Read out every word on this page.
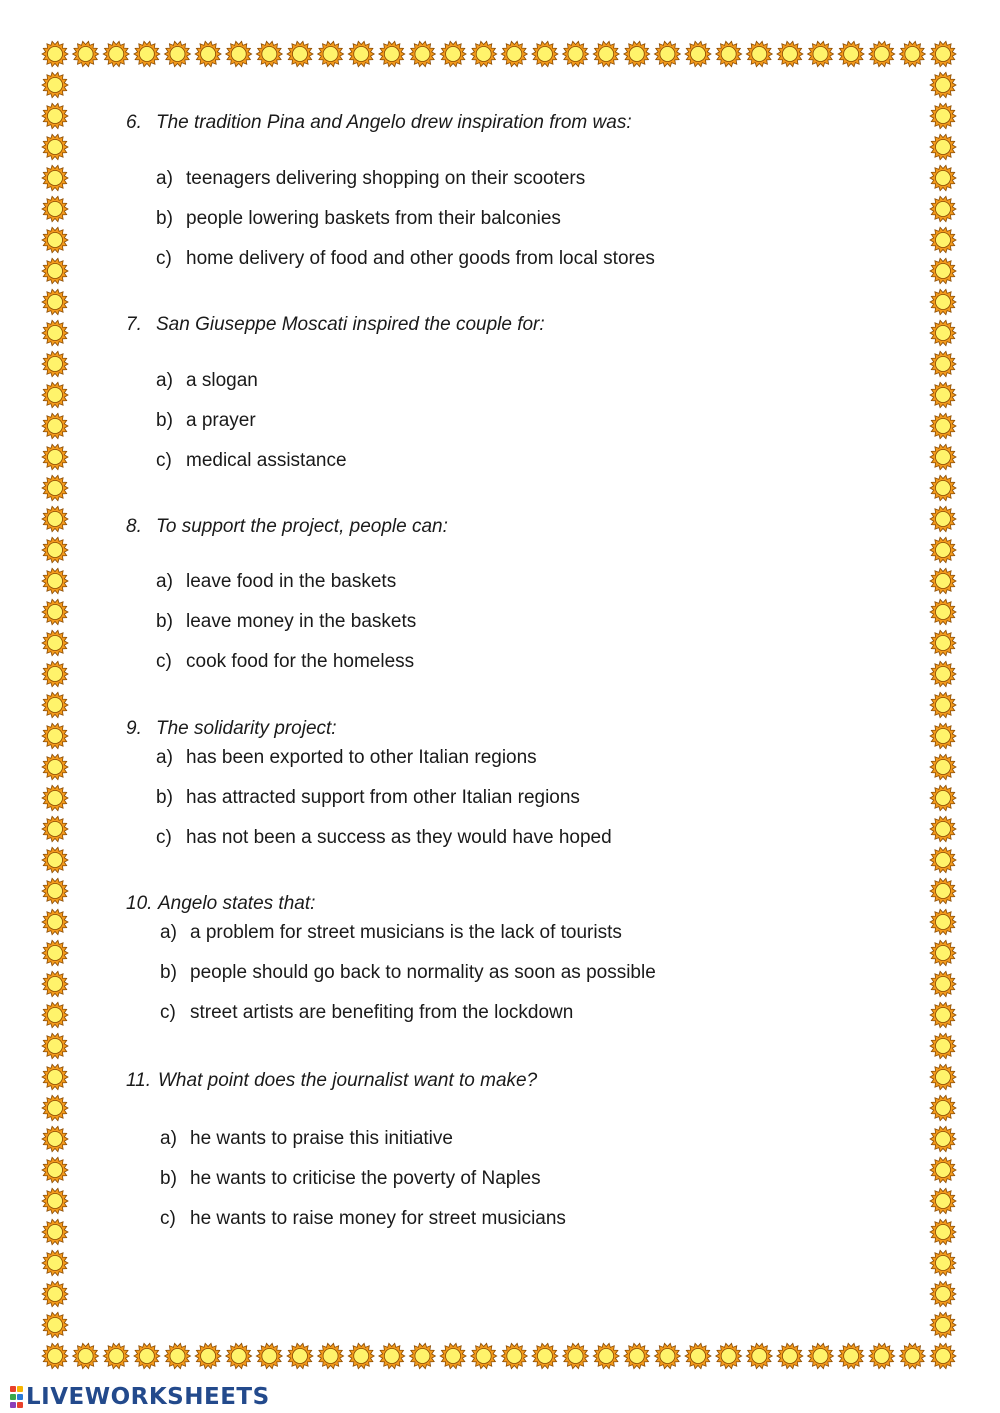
6. The tradition Pina and Angelo drew inspiration from was:
a) teenagers delivering shopping on their scooters
b) people lowering baskets from their balconies
c) home delivery of food and other goods from local stores
7. San Giuseppe Moscati inspired the couple for:
a) a slogan
b) a prayer
c) medical assistance
8. To support the project, people can:
a) leave food in the baskets
b) leave money in the baskets
c) cook food for the homeless
9. The solidarity project:
a) has been exported to other Italian regions
b) has attracted support from other Italian regions
c) has not been a success as they would have hoped
10. Angelo states that:
a) a problem for street musicians is the lack of tourists
b) people should go back to normality as soon as possible
c) street artists are benefiting from the lockdown
11. What point does the journalist want to make?
a) he wants to praise this initiative
b) he wants to criticise the poverty of Naples
c) he wants to raise money for street musicians
LIVEWORKSHEETS
